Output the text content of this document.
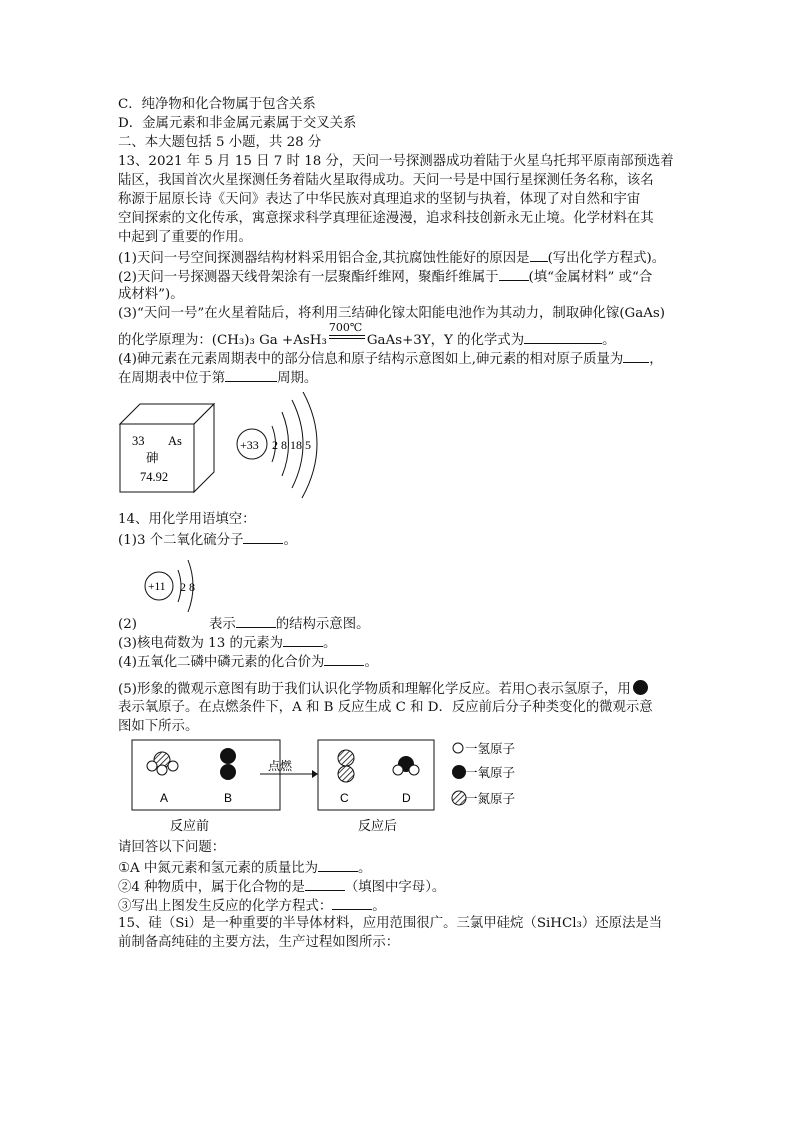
C．纯净物和化合物属于包含关系
D．金属元素和非金属元素属于交叉关系
二、本大题包括 5 小题，共 28 分
13、2021 年 5 月 15 日 7 时 18 分，天问一号探测器成功着陆于火星乌托邦平原南部预选着
陆区，我国首次火星探测任务着陆火星取得成功。天问一号是中国行星探测任务名称，该名
称源于屈原长诗《天问》表达了中华民族对真理追求的坚韧与执着，体现了对自然和宇宙
空间探索的文化传承，寓意探求科学真理征途漫漫，追求科技创新永无止境。化学材料在其
中起到了重要的作用。
(1)天问一号空间探测器结构材料采用铝合金,其抗腐蚀性能好的原因是 (写出化学方程式)。
(2)天问一号探测器天线骨架涂有一层聚酯纤维网，聚酯纤维属于 (填“金属材料” 或“合
成材料”)。
(3)“天问一号”在火星着陆后，将利用三结砷化镓太阳能电池作为其动力，制取砷化镓(GaAs)
的化学原理为：(CH₃)₃ Ga +AsH₃
700℃
GaAs+3Y，Y 的化学式为	。
(4)砷元素在元素周期表中的部分信息和原子结构示意图如上,砷元素的相对原子质量为 ，
在周期表中位于第	周期。
33 As
砷
74.92
+33 2 8 18 5
14、用化学用语填空：
(1)3 个二氧化硫分子	。
+11 2 8
(2)	表示	的结构示意图。
(3)核电荷数为 13 的元素为	。
(4)五氧化二磷中磷元素的化合价为	。
(5)形象的微观示意图有助于我们认识化学物质和理解化学反应。若用○表示氢原子，用
表示氧原子。在点燃条件下，A 和 B 反应生成 C 和 D．反应前后分子种类变化的微观示意
图如下所示。
A	B
点燃
C	D
一氢原子
一氧原子
一氮原子
反应前	反应后
请回答以下问题：
①A 中氮元素和氢元素的质量比为	。
②4 种物质中，属于化合物的是	（填图中字母）。
③写出上图发生反应的化学方程式：	。
15、硅（Si）是一种重要的半导体材料，应用范围很广。三氯甲硅烷（SiHCl₃）还原法是当
前制备高纯硅的主要方法，生产过程如图所示：
